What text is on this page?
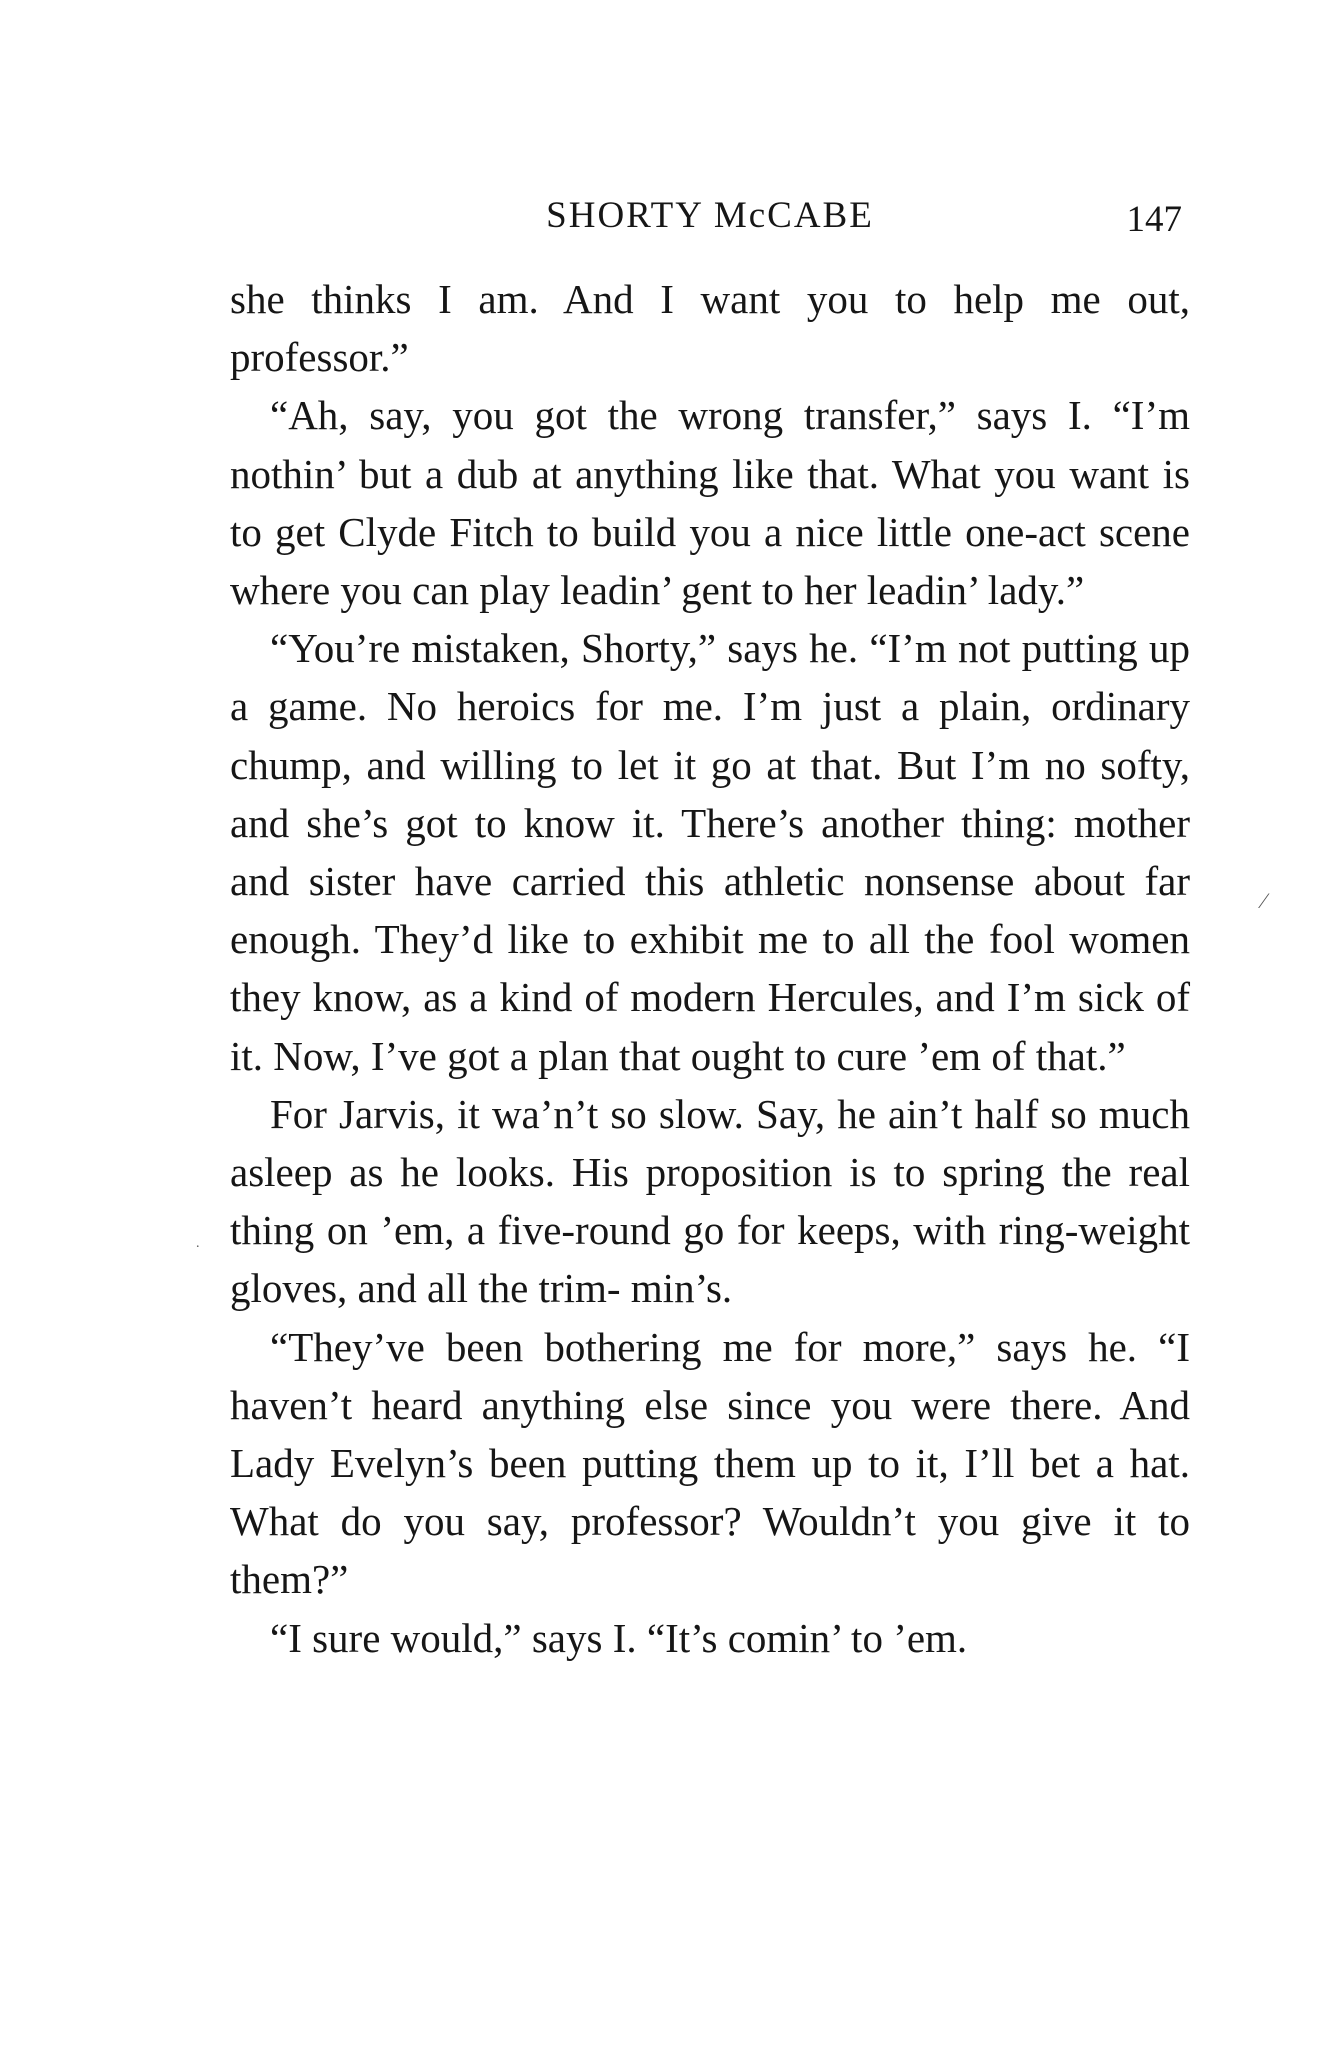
SHORTY McCABE	147

she thinks I am. And I want you to help me out, professor.”

“Ah, say, you got the wrong transfer,” says I. “I’m nothin’ but a dub at anything like that. What you want is to get Clyde Fitch to build you a nice little one-act scene where you can play leadin’ gent to her leadin’ lady.”

“You’re mistaken, Shorty,” says he. “I’m not putting up a game. No heroics for me. I’m just a plain, ordinary chump, and willing to let it go at that. But I’m no softy, and she’s got to know it. There’s another thing: mother and sister have carried this athletic nonsense about far enough. They’d like to exhibit me to all the fool women they know, as a kind of modern Hercules, and I’m sick of it. Now, I’ve got a plan that ought to cure ’em of that.”

For Jarvis, it wa’n’t so slow. Say, he ain’t half so much asleep as he looks. His proposition is to spring the real thing on ’em, a five-round go for keeps, with ring-weight gloves, and all the trim- min’s.

“They’ve been bothering me for more,” says he. “I haven’t heard anything else since you were there. And Lady Evelyn’s been putting them up to it, I’ll bet a hat. What do you say, professor? Wouldn’t you give it to them?”

“I sure would,” says I. “It’s comin’ to ’em.

⁄
.
